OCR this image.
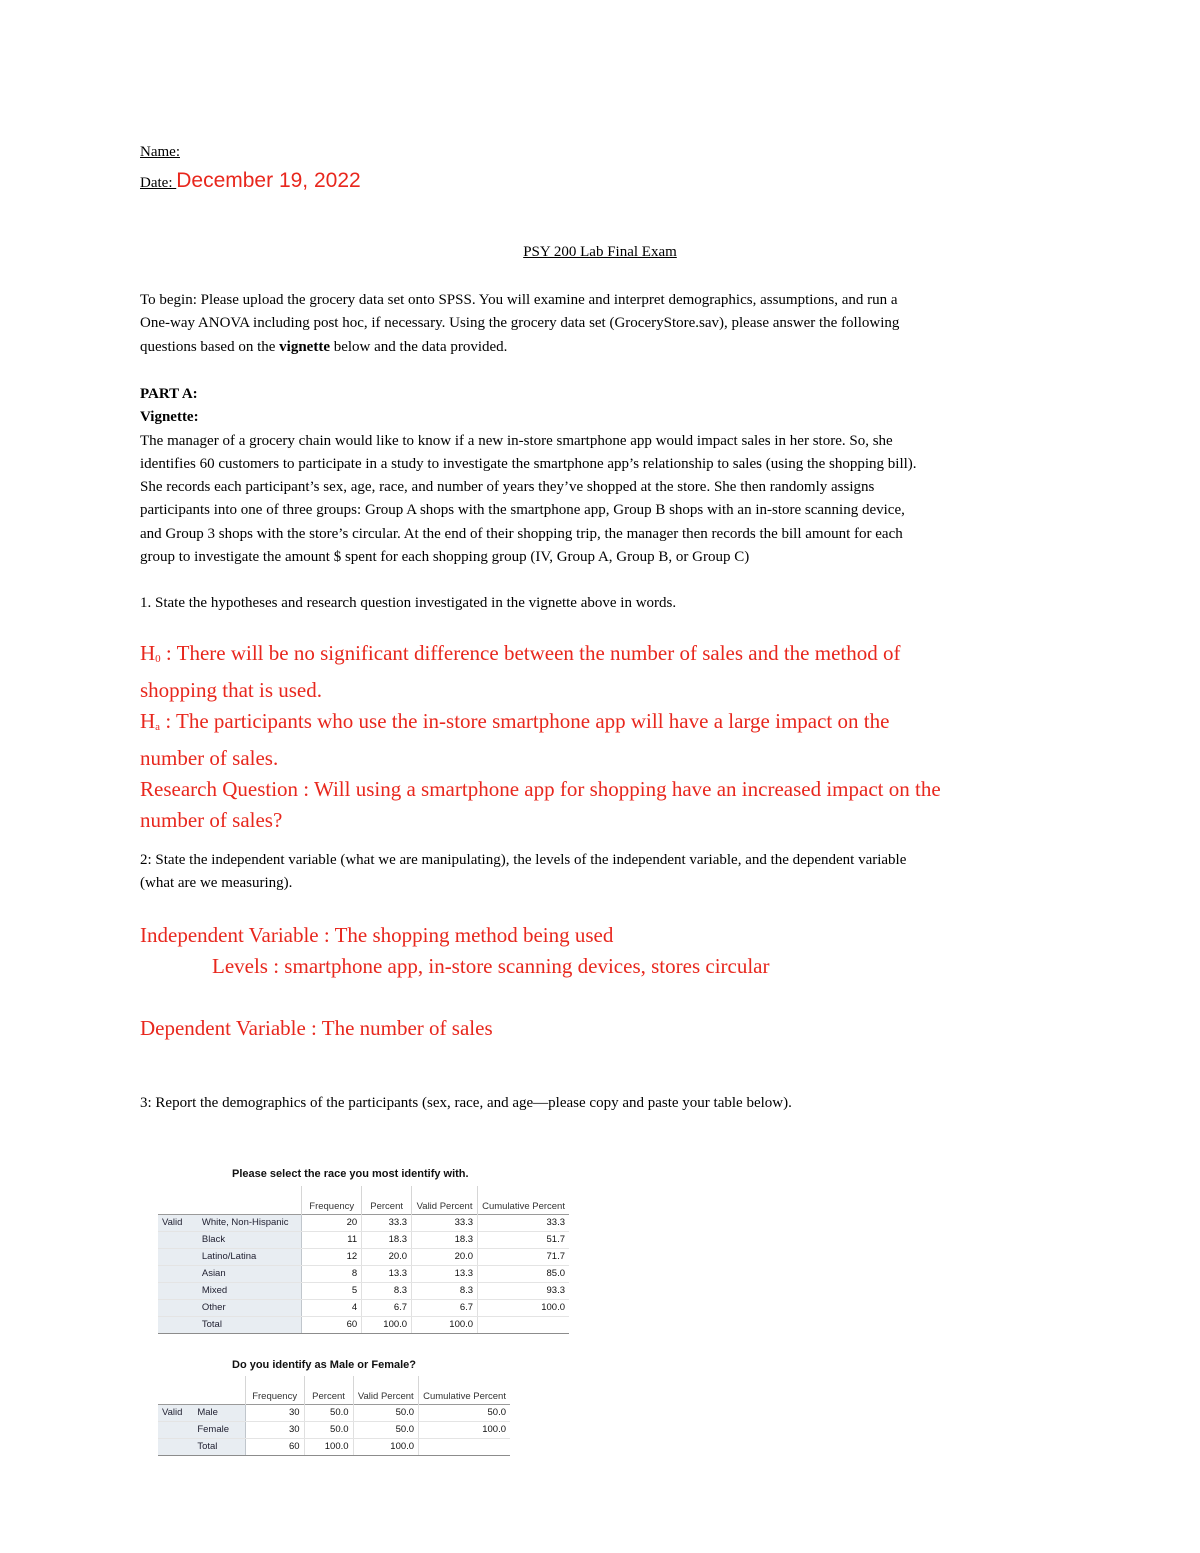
Name:
Date: December 19, 2022
PSY 200 Lab Final Exam

To begin: Please upload the grocery data set onto SPSS. You will examine and interpret demographics, assumptions, and run a

One-way ANOVA including post hoc, if necessary. Using the grocery data set (GroceryStore.sav), please answer the following

questions based on the vignette below and the data provided.

PART A:

Vignette:

The manager of a grocery chain would like to know if a new in-store smartphone app would impact sales in her store. So, she

identifies 60 customers to participate in a study to investigate the smartphone app’s relationship to sales (using the shopping bill).

She records each participant’s sex, age, race, and number of years they’ve shopped at the store. She then randomly assigns

participants into one of three groups: Group A shops with the smartphone app, Group B shops with an in-store scanning device,

and Group 3 shops with the store’s circular. At the end of their shopping trip, the manager then records the bill amount for each

group to investigate the amount $ spent for each shopping group (IV, Group A, Group B, or Group C)

1. State the hypotheses and research question investigated in the vignette above in words.

$H_0$ : There will be no significant difference between the number of sales and the method of

shopping that is used.

$H_a$ : The participants who use the in-store smartphone app will have a large impact on the

number of sales.

Research Question : Will using a smartphone app for shopping have an increased impact on the

number of sales?

2: State the independent variable (what we are manipulating), the levels of the independent variable, and the dependent variable

(what are we measuring).

Independent Variable : The shopping method being used
Levels : smartphone app, in-store scanning devices, stores circular
Dependent Variable : The number of sales
3: Report the demographics of the participants (sex, race, and age—please copy and paste your table below).
Please select the race you most identify with.
		Frequency	Percent	Valid Percent	Cumulative Percent
Valid	White, Non-Hispanic	20	33.3	33.3	33.3
	Black	11	18.3	18.3	51.7
	Latino/Latina	12	20.0	20.0	71.7
	Asian	8	13.3	13.3	85.0
	Mixed	5	8.3	8.3	93.3
	Other	4	6.7	6.7	100.0
	Total	60	100.0	100.0	
Do you identify as Male or Female?
		Frequency	Percent	Valid Percent	Cumulative Percent
Valid	Male	30	50.0	50.0	50.0
	Female	30	50.0	50.0	100.0
	Total	60	100.0	100.0	
